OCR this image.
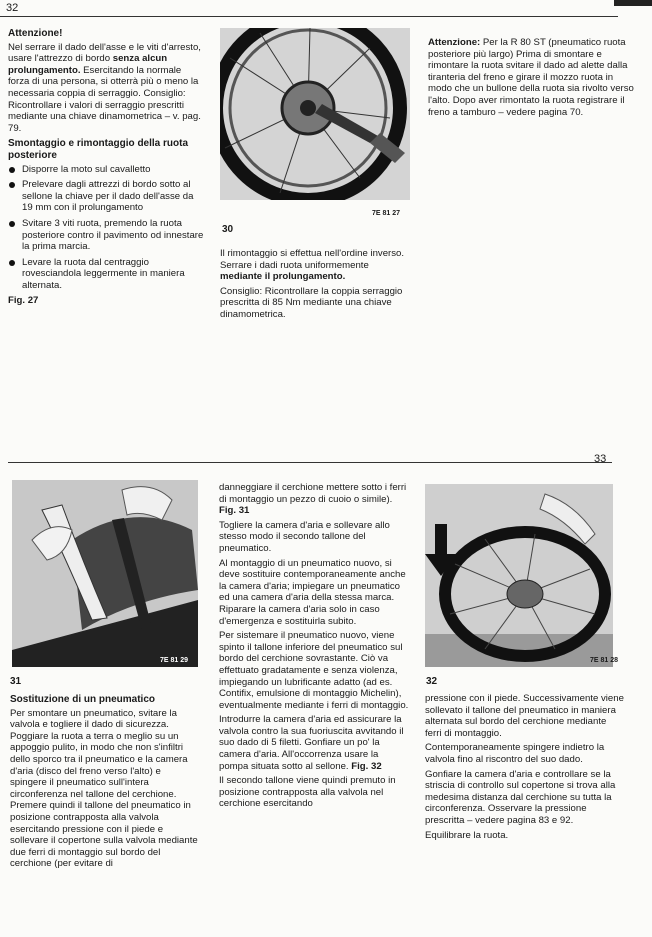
32
Attenzione!

Nel serrare il dado dell'asse e le viti d'arresto, usare l'attrezzo di bordo senza alcun prolungamento. Esercitando la normale forza di una persona, si otterrà più o meno la necessaria coppia di serraggio. Consiglio: Ricontrollare i valori di serraggio prescritti mediante una chiave dinamometrica – v. pag. 79.

Smontaggio e rimontaggio della ruota posteriore
Disporre la moto sul cavalletto
Prelevare dagli attrezzi di bordo sotto al sellone la chiave per il dado dell'asse da 19 mm con il prolungamento
Svitare 3 viti ruota, premendo la ruota posteriore contro il pavimento od innestare la prima marcia.
Levare la ruota dal centraggio rovesciandola leggermente in maniera alternata.

Fig. 27

7E 81 27
30

Il rimontaggio si effettua nell'ordine inverso. Serrare i dadi ruota uniformemente mediante il prolungamento.

Consiglio: Ricontrollare la coppia serraggio prescritta di 85 Nm mediante una chiave dinamometrica.

Attenzione: Per la R 80 ST (pneumatico ruota posteriore più largo) Prima di smontare e rimontare la ruota svitare il dado ad alette dalla tiranteria del freno e girare il mozzo ruota in modo che un bullone della ruota sia rivolto verso l'alto. Dopo aver rimontato la ruota registrare il freno a tamburo – vedere pagina 70.

33
7E 81 29
31
Sostituzione di un pneumatico

Per smontare un pneumatico, svitare la valvola e togliere il dado di sicurezza. Poggiare la ruota a terra o meglio su un appoggio pulito, in modo che non s'infiltri dello sporco tra il pneumatico e la camera d'aria (disco del freno verso l'alto) e spingere il pneumatico sull'intera circonferenza nel tallone del cerchione. Premere quindi il tallone del pneumatico in posizione contrapposta alla valvola esercitando pressione con il piede e sollevare il copertone sulla valvola mediante due ferri di montaggio sul bordo del cerchione (per evitare di

danneggiare il cerchione mettere sotto i ferri di montaggio un pezzo di cuoio o simile). Fig. 31

Togliere la camera d'aria e sollevare allo stesso modo il secondo tallone del pneumatico.

Al montaggio di un pneumatico nuovo, si deve sostituire contemporaneamente anche la camera d'aria; impiegare un pneumatico ed una camera d'aria della stessa marca. Riparare la camera d'aria solo in caso d'emergenza e sostituirla subito.

Per sistemare il pneumatico nuovo, viene spinto il tallone inferiore del pneumatico sul bordo del cerchione sovrastante. Ciò va effettuato gradatamente e senza violenza, impiegando un lubrificante adatto (ad es. Contifix, emulsione di montaggio Michelin), eventualmente mediante i ferri di montaggio.

Introdurre la camera d'aria ed assicurare la valvola contro la sua fuoriuscita avvitando il suo dado di 5 filetti. Gonfiare un po' la camera d'aria. All'occorrenza usare la pompa situata sotto al sellone. Fig. 32

Il secondo tallone viene quindi premuto in posizione contrapposta alla valvola nel cerchione esercitando

7E 81 28
32

pressione con il piede. Successivamente viene sollevato il tallone del pneumatico in maniera alternata sul bordo del cerchione mediante ferri di montaggio.

Contemporaneamente spingere indietro la valvola fino al riscontro del suo dado.

Gonfiare la camera d'aria e controllare se la striscia di controllo sul copertone si trova alla medesima distanza dal cerchione su tutta la circonferenza. Osservare la pressione prescritta – vedere pagina 83 e 92.

Equilibrare la ruota.
